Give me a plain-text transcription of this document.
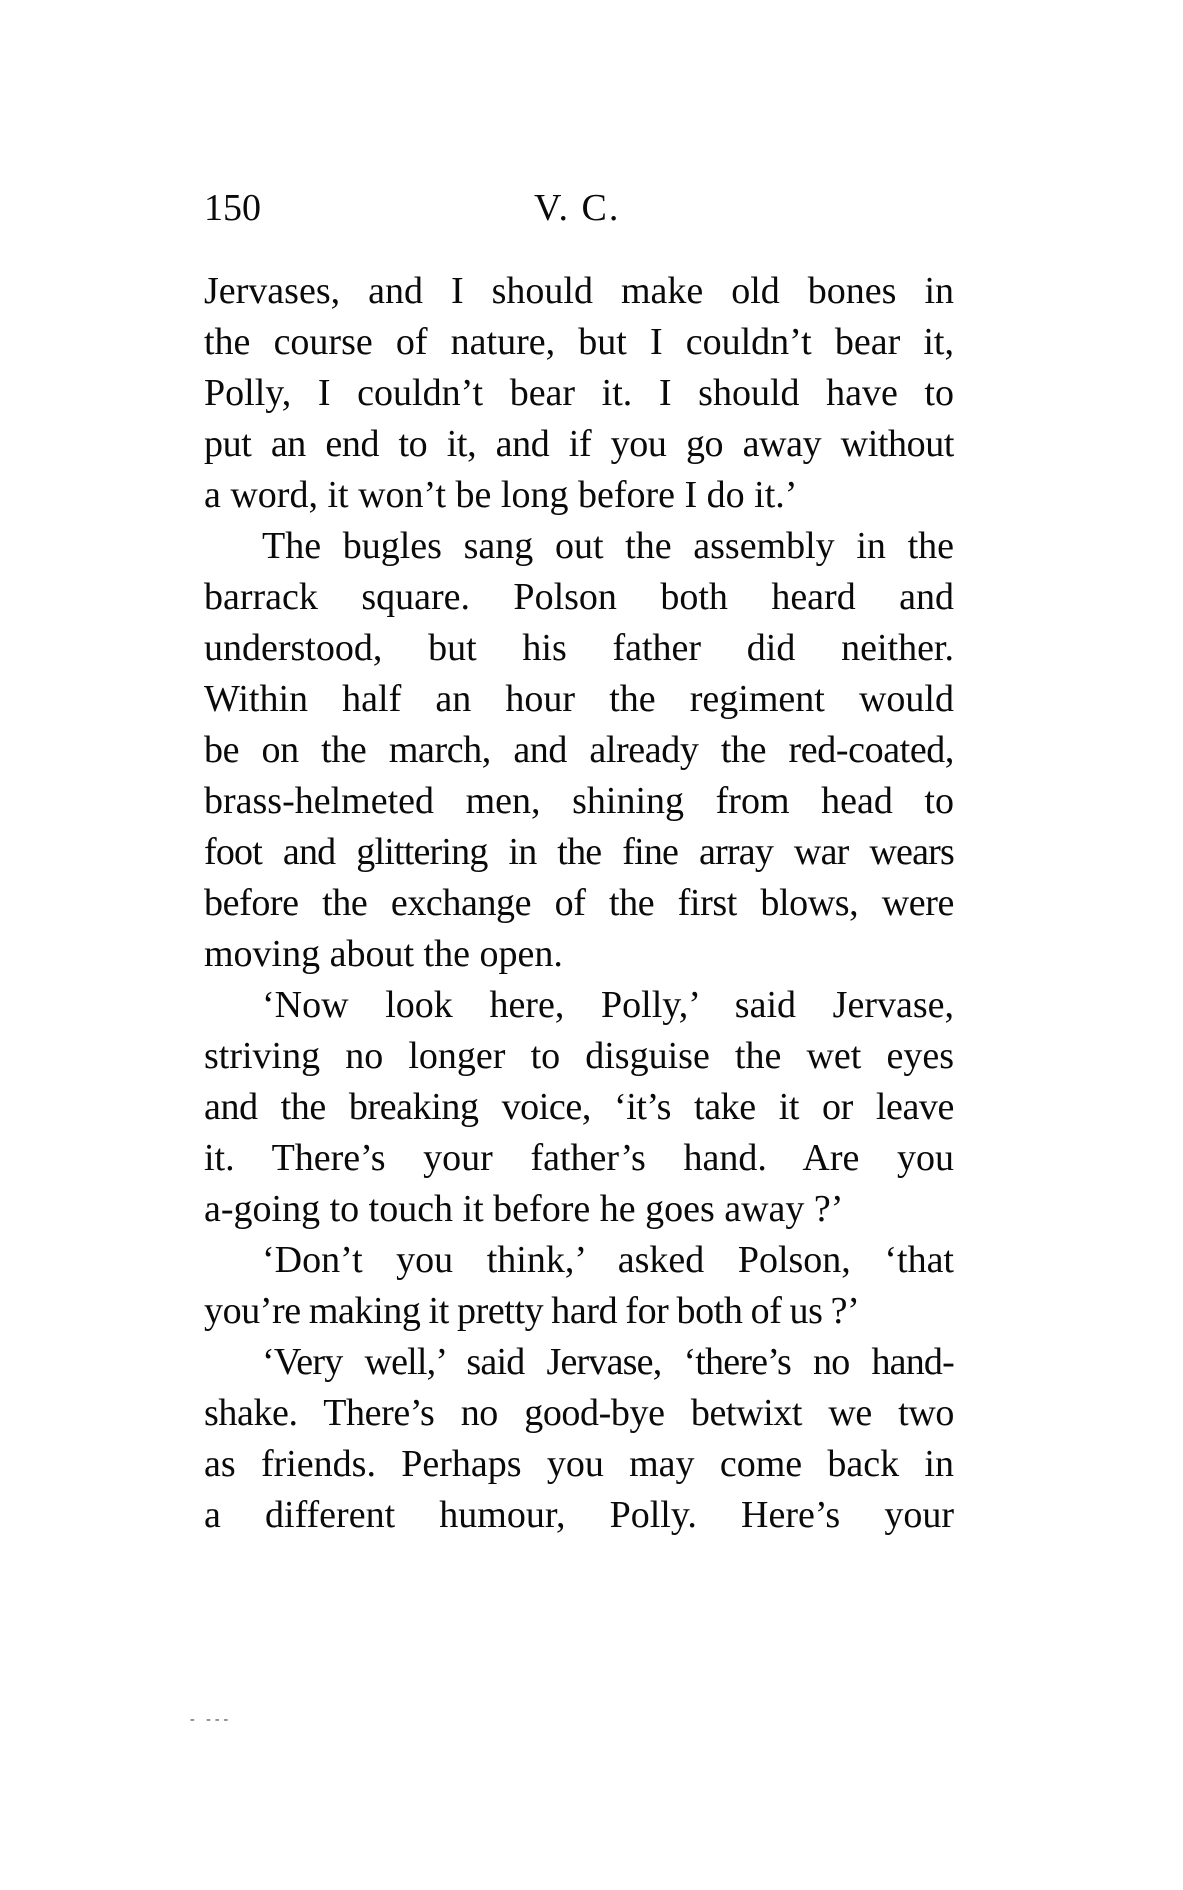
150	V. C.
Jervases, and I should make old bones in
the course of nature, but I couldn’t bear it,
Polly, I couldn’t bear it. I should have to
put an end to it, and if you go away without
a word, it won’t be long before I do it.’
The bugles sang out the assembly in the
barrack square. Polson both heard and
understood, but his father did neither.
Within half an hour the regiment would
be on the march, and already the red-coated,
brass-helmeted men, shining from head to
foot and glittering in the fine array war wears
before the exchange of the first blows, were
moving about the open.
‘Now look here, Polly,’ said Jervase,
striving no longer to disguise the wet eyes
and the breaking voice, ‘it’s take it or leave
it. There’s your father’s hand. Are you
a-going to touch it before he goes away ?’
‘Don’t you think,’ asked Polson, ‘that
you’re making it pretty hard for both of us ?’
‘Very well,’ said Jervase, ‘there’s no hand-
shake. There’s no good-bye betwixt we two
as friends. Perhaps you may come back in
a different humour, Polly. Here’s your
- ---
